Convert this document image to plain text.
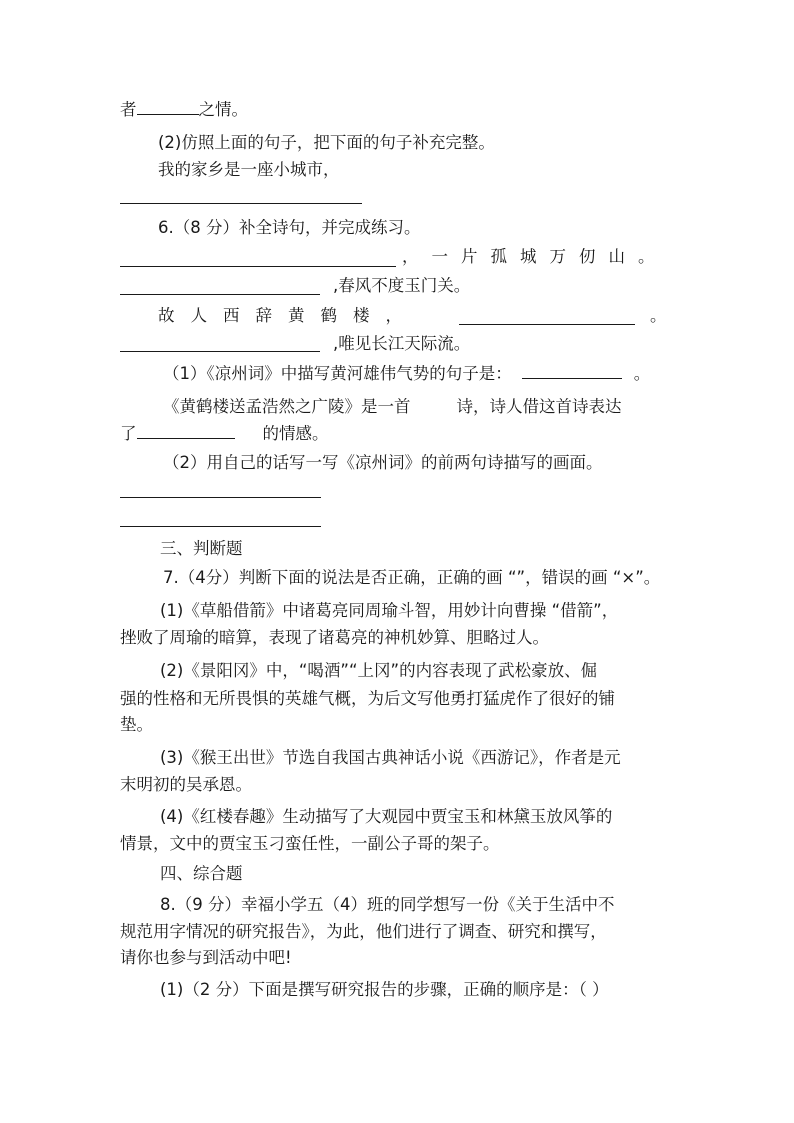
者	之情。
(2)仿照上面的句子，把下面的句子补充完整。
我的家乡是一座小城市，
6.（8 分）补全诗句，并完成练习。
，一片孤城万仞山。
,春风不度玉门关。
故人西辞黄鹤楼，	。
,唯见长江天际流。
（1）《凉州词》中描写黄河雄伟气势的句子是：	。
《黄鹤楼送孟浩然之广陵》是一首	诗，诗人借这首诗表达
了	的情感。
（2）用自己的话写一写《凉州词》的前两句诗描写的画面。
三、判断题
7.（4分）判断下面的说法是否正确，正确的画 “”，错误的画 “×”。
(1)《草船借箭》中诸葛亮同周瑜斗智，用妙计向曹操 “借箭”，
挫败了周瑜的暗算，表现了诸葛亮的神机妙算、胆略过人。
(2)《景阳冈》中，“喝酒”“上冈”的内容表现了武松豪放、倔
强的性格和无所畏惧的英雄气概，为后文写他勇打猛虎作了很好的铺
垫。
(3)《猴王出世》节选自我国古典神话小说《西游记》，作者是元
末明初的吴承恩。
(4)《红楼春趣》生动描写了大观园中贾宝玉和林黛玉放风筝的
情景，文中的贾宝玉刁蛮任性，一副公子哥的架子。
四、综合题
8.（9 分）幸福小学五（4）班的同学想写一份《关于生活中不
规范用字情况的研究报告》，为此，他们进行了调查、研究和撰写，
请你也参与到活动中吧!
(1)（2 分）下面是撰写研究报告的步骤，正确的顺序是：（ ）
